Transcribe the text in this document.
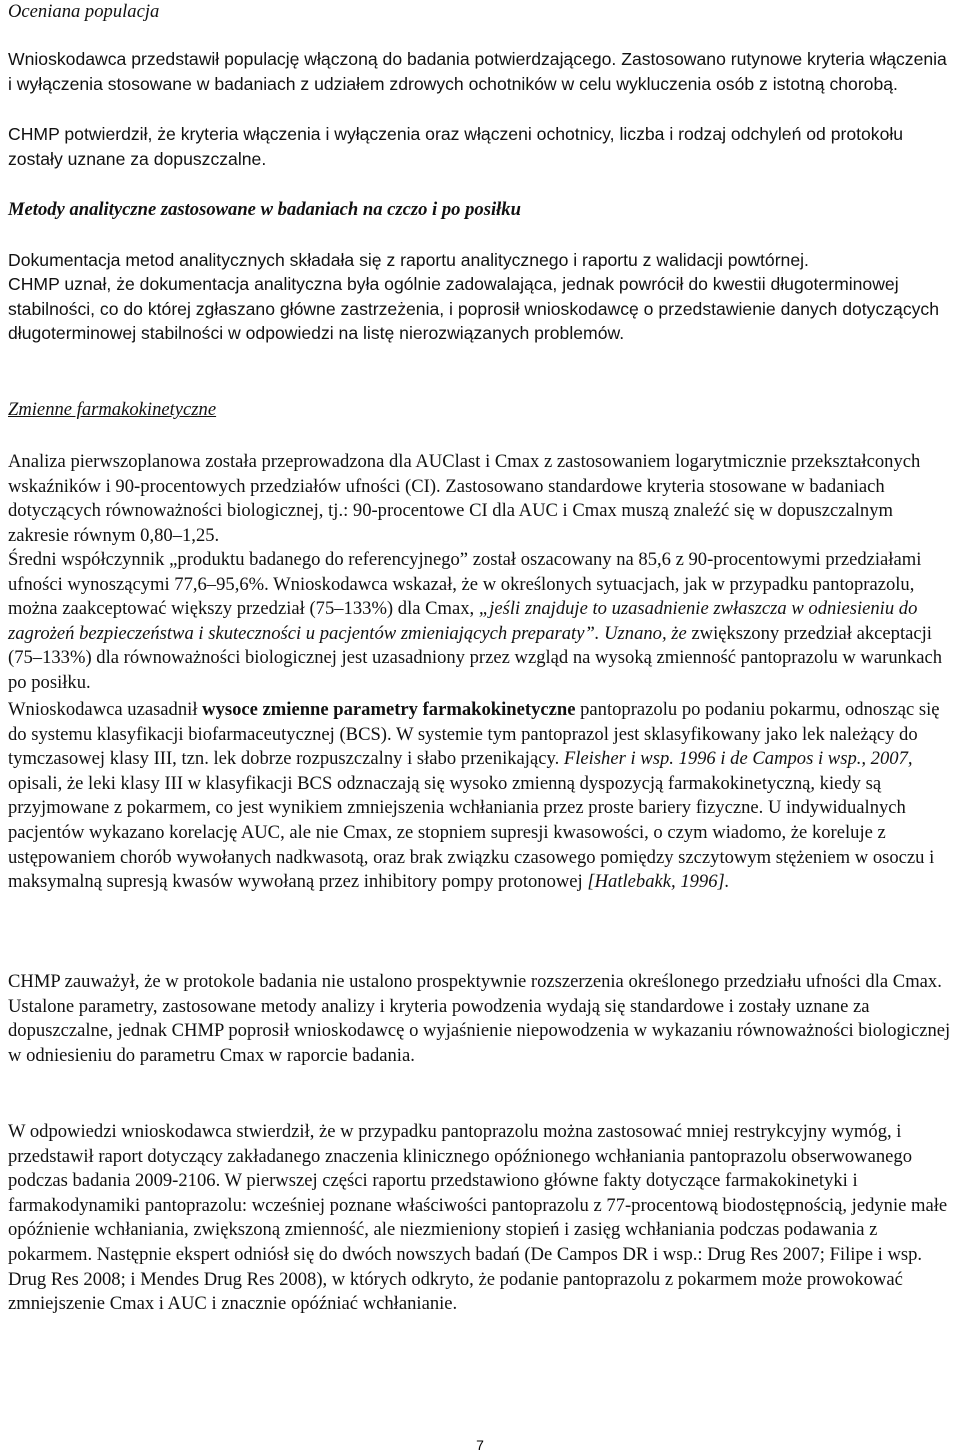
Oceniana populacja

Wnioskodawca przedstawił populację włączoną do badania potwierdzającego. Zastosowano rutynowe kryteria włączenia i wyłączenia stosowane w badaniach z udziałem zdrowych ochotników w celu wykluczenia osób z istotną chorobą.

CHMP potwierdził, że kryteria włączenia i wyłączenia oraz włączeni ochotnicy, liczba i rodzaj odchyleń od protokołu zostały uznane za dopuszczalne.

Metody analityczne zastosowane w badaniach na czczo i po posiłku

Dokumentacja metod analitycznych składała się z raportu analitycznego i raportu z walidacji powtórnej.

CHMP uznał, że dokumentacja analityczna była ogólnie zadowalająca, jednak powrócił do kwestii długoterminowej stabilności, co do której zgłaszano główne zastrzeżenia, i poprosił wnioskodawcę o przedstawienie danych dotyczących długoterminowej stabilności w odpowiedzi na listę nierozwiązanych problemów.

Zmienne farmakokinetyczne

Analiza pierwszoplanowa została przeprowadzona dla AUClast i Cmax z zastosowaniem logarytmicznie przekształconych wskaźników i 90-procentowych przedziałów ufności (CI). Zastosowano standardowe kryteria stosowane w badaniach dotyczących równoważności biologicznej, tj.: 90-procentowe CI dla AUC i Cmax muszą znaleźć się w dopuszczalnym zakresie równym 0,80–1,25.

Średni współczynnik „produktu badanego do referencyjnego” został oszacowany na 85,6 z 90-procentowymi przedziałami ufności wynoszącymi 77,6–95,6%. Wnioskodawca wskazał, że w określonych sytuacjach, jak w przypadku pantoprazolu, można zaakceptować większy przedział (75–133%) dla Cmax, „jeśli znajduje to uzasadnienie zwłaszcza w odniesieniu do zagrożeń bezpieczeństwa i skuteczności u pacjentów zmieniających preparaty”. Uznano, że zwiększony przedział akceptacji (75–133%) dla równoważności biologicznej jest uzasadniony przez wzgląd na wysoką zmienność pantoprazolu w warunkach po posiłku.

Wnioskodawca uzasadnił wysoce zmienne parametry farmakokinetyczne pantoprazolu po podaniu pokarmu, odnosząc się do systemu klasyfikacji biofarmaceutycznej (BCS). W systemie tym pantoprazol jest sklasyfikowany jako lek należący do tymczasowej klasy III, tzn. lek dobrze rozpuszczalny i słabo przenikający. Fleisher i wsp. 1996 i de Campos i wsp., 2007, opisali, że leki klasy III w klasyfikacji BCS odznaczają się wysoko zmienną dyspozycją farmakokinetyczną, kiedy są przyjmowane z pokarmem, co jest wynikiem zmniejszenia wchłaniania przez proste bariery fizyczne. U indywidualnych pacjentów wykazano korelację AUC, ale nie Cmax, ze stopniem supresji kwasowości, o czym wiadomo, że koreluje z ustępowaniem chorób wywołanych nadkwasotą, oraz brak związku czasowego pomiędzy szczytowym stężeniem w osoczu i maksymalną supresją kwasów wywołaną przez inhibitory pompy protonowej [Hatlebakk, 1996].

CHMP zauważył, że w protokole badania nie ustalono prospektywnie rozszerzenia określonego przedziału ufności dla Cmax. Ustalone parametry, zastosowane metody analizy i kryteria powodzenia wydają się standardowe i zostały uznane za dopuszczalne, jednak CHMP poprosił wnioskodawcę o wyjaśnienie niepowodzenia w wykazaniu równoważności biologicznej w odniesieniu do parametru Cmax w raporcie badania.

W odpowiedzi wnioskodawca stwierdził, że w przypadku pantoprazolu można zastosować mniej restrykcyjny wymóg, i przedstawił raport dotyczący zakładanego znaczenia klinicznego opóźnionego wchłaniania pantoprazolu obserwowanego podczas badania 2009-2106. W pierwszej części raportu przedstawiono główne fakty dotyczące farmakokinetyki i farmakodynamiki pantoprazolu: wcześniej poznane właściwości pantoprazolu z 77-procentową biodostępnością, jedynie małe opóźnienie wchłaniania, zwiększoną zmienność, ale niezmieniony stopień i zasięg wchłaniania podczas podawania z pokarmem. Następnie ekspert odniósł się do dwóch nowszych badań (De Campos DR i wsp.: Drug Res 2007; Filipe i wsp. Drug Res 2008; i Mendes Drug Res 2008), w których odkryto, że podanie pantoprazolu z pokarmem może prowokować zmniejszenie Cmax i AUC i znacznie opóźniać wchłanianie.

7
